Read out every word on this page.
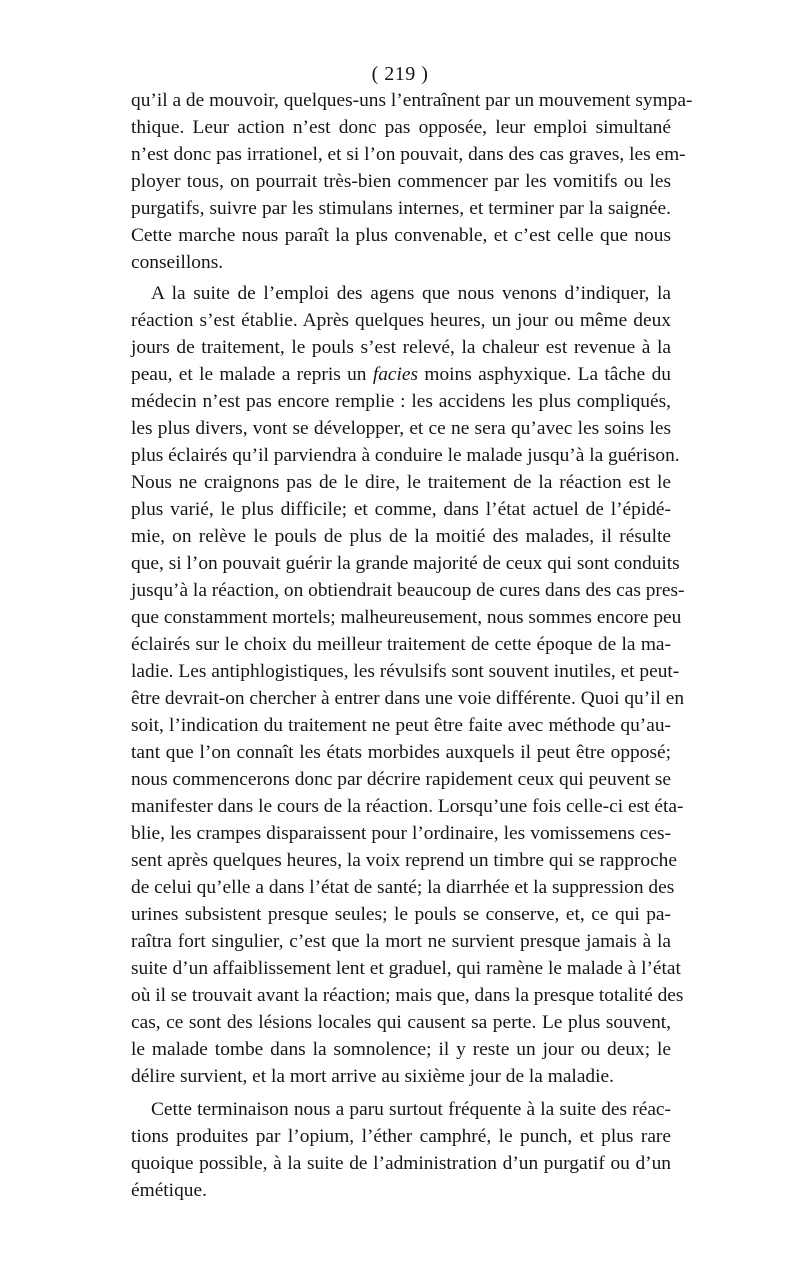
( 219 )
qu’il a de mouvoir, quelques-uns l’entraînent par un mouvement sympa-
thique. Leur action n’est donc pas opposée, leur emploi simultané
n’est donc pas irrationel, et si l’on pouvait, dans des cas graves, les em-
ployer tous, on pourrait très-bien commencer par les vomitifs ou les
purgatifs, suivre par les stimulans internes, et terminer par la saignée.
Cette marche nous paraît la plus convenable, et c’est celle que nous
conseillons.
A la suite de l’emploi des agens que nous venons d’indiquer, la
réaction s’est établie. Après quelques heures, un jour ou même deux
jours de traitement, le pouls s’est relevé, la chaleur est revenue à la
peau, et le malade a repris un facies moins asphyxique. La tâche du
médecin n’est pas encore remplie : les accidens les plus compliqués,
les plus divers, vont se développer, et ce ne sera qu’avec les soins les
plus éclairés qu’il parviendra à conduire le malade jusqu’à la guérison.
Nous ne craignons pas de le dire, le traitement de la réaction est le
plus varié, le plus difficile; et comme, dans l’état actuel de l’épidé-
mie, on relève le pouls de plus de la moitié des malades, il résulte
que, si l’on pouvait guérir la grande majorité de ceux qui sont conduits
jusqu’à la réaction, on obtiendrait beaucoup de cures dans des cas pres-
que constamment mortels; malheureusement, nous sommes encore peu
éclairés sur le choix du meilleur traitement de cette époque de la ma-
ladie. Les antiphlogistiques, les révulsifs sont souvent inutiles, et peut-
être devrait-on chercher à entrer dans une voie différente. Quoi qu’il en
soit, l’indication du traitement ne peut être faite avec méthode qu’au-
tant que l’on connaît les états morbides auxquels il peut être opposé;
nous commencerons donc par décrire rapidement ceux qui peuvent se
manifester dans le cours de la réaction. Lorsqu’une fois celle-ci est éta-
blie, les crampes disparaissent pour l’ordinaire, les vomissemens ces-
sent après quelques heures, la voix reprend un timbre qui se rapproche
de celui qu’elle a dans l’état de santé; la diarrhée et la suppression des
urines subsistent presque seules; le pouls se conserve, et, ce qui pa-
raîtra fort singulier, c’est que la mort ne survient presque jamais à la
suite d’un affaiblissement lent et graduel, qui ramène le malade à l’état
où il se trouvait avant la réaction; mais que, dans la presque totalité des
cas, ce sont des lésions locales qui causent sa perte. Le plus souvent,
le malade tombe dans la somnolence; il y reste un jour ou deux; le
délire survient, et la mort arrive au sixième jour de la maladie.
Cette terminaison nous a paru surtout fréquente à la suite des réac-
tions produites par l’opium, l’éther camphré, le punch, et plus rare
quoique possible, à la suite de l’administration d’un purgatif ou d’un
émétique.
